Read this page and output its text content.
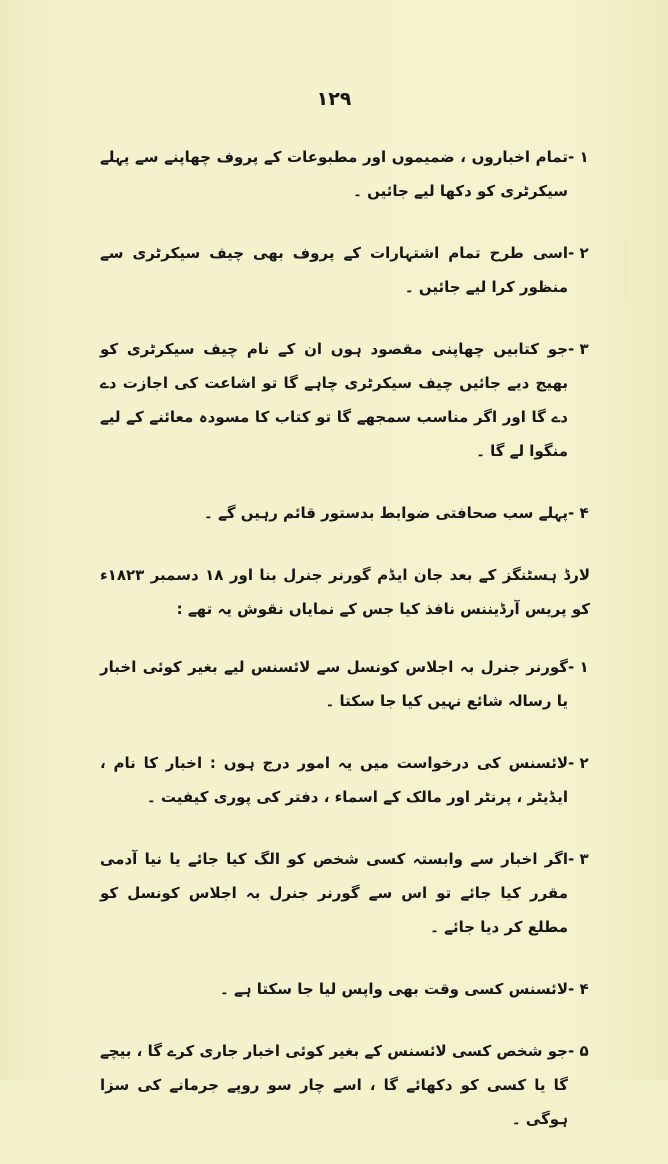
۱۲۹
۱ -
تمام اخباروں ، ضمیموں اور مطبوعات کے پروف چھاپنے سے پہلے سیکرٹری کو دکھا لیے جائیں ۔
۲ -
اسی طرح تمام اشتہارات کے پروف بھی چیف سیکرٹری سے منظور کرا لیے جائیں ۔
۳ -
جو کتابیں چھاپنی مقصود ہوں ان کے نام چیف سیکرٹری کو بھیج دیے جائیں چیف سیکرٹری چاہے گا تو اشاعت کی اجازت دے دے گا اور اگر مناسب سمجھے گا تو کتاب کا مسودہ معائنے کے لیے منگوا لے گا ۔
۴ -
پہلے سب صحافتی ضوابط بدستور قائم رہیں گے ۔
لارڈ ہسٹنگز کے بعد جان ایڈم گورنر جنرل بنا اور ۱۸ دسمبر ۱۸۲۳ء کو پریس آرڈیننس نافذ کیا جس کے نمایاں نقوش یہ تھے :
۱ -
گورنر جنرل بہ اجلاس کونسل سے لائسنس لیے بغیر کوئی اخبار یا رسالہ شائع نہیں کیا جا سکتا ۔
۲ -
لائسنس کی درخواست میں یہ امور درج ہوں : اخبار کا نام ، ایڈیٹر ، پرنٹر اور مالک کے اسماء ، دفتر کی پوری کیفیت ۔
۳ -
اگر اخبار سے وابستہ کسی شخص کو الگ کیا جائے یا نیا آدمی مقرر کیا جائے تو اس سے گورنر جنرل بہ اجلاس کونسل کو مطلع کر دیا جائے ۔
۴ -
لائسنس کسی وقت بھی واپس لیا جا سکتا ہے ۔
۵ -
جو شخص کسی لائسنس کے بغیر کوئی اخبار جاری کرے گا ، بیچے گا یا کسی کو دکھائے گا ، اسے چار سو روپے جرمانے کی سزا ہوگی ۔
